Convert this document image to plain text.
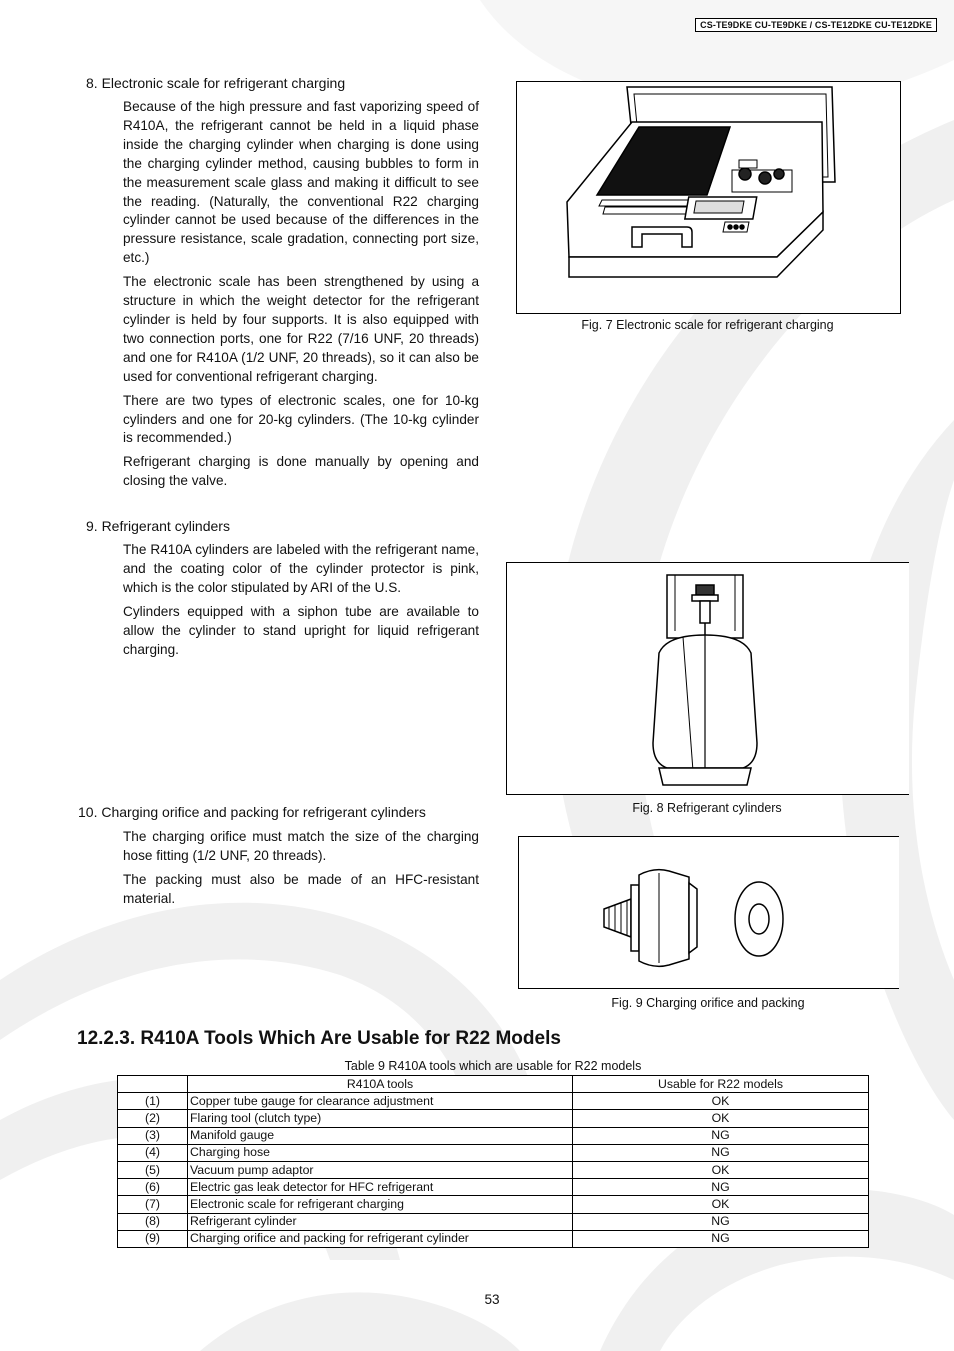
CS-TE9DKE CU-TE9DKE / CS-TE12DKE CU-TE12DKE
8. Electronic scale for refrigerant charging

Because of the high pressure and fast vaporizing speed of R410A, the refrigerant cannot be held in a liquid phase inside the charging cylinder when charging is done using the charging cylinder method, causing bubbles to form in the measurement scale glass and making it difficult to see the reading. (Naturally, the conventional R22 charging cylinder cannot be used because of the differences in the pressure resistance, scale gradation, connecting port size, etc.)

The electronic scale has been strengthened by using a structure in which the weight detector for the refrigerant cylinder is held by four supports. It is also equipped with two connection ports, one for R22 (7/16 UNF, 20 threads) and one for R410A (1/2 UNF, 20 threads), so it can also be used for conventional refrigerant charging.

There are two types of electronic scales, one for 10-kg cylinders and one for 20-kg cylinders. (The 10-kg cylinder is recommended.)

Refrigerant charging is done manually by opening and closing the valve.

Fig. 7 Electronic scale for refrigerant charging
9. Refrigerant cylinders

The R410A cylinders are labeled with the refrigerant name, and the coating color of the cylinder protector is pink, which is the color stipulated by ARI of the U.S.

Cylinders equipped with a siphon tube are available to allow the cylinder to stand upright for liquid refrigerant charging.

Fig. 8 Refrigerant cylinders
10. Charging orifice and packing for refrigerant cylinders

The charging orifice must match the size of the charging hose fitting (1/2 UNF, 20 threads).

The packing must also be made of an HFC-resistant material.

Fig. 9 Charging orifice and packing
12.2.3. R410A Tools Which Are Usable for R22 Models
Table 9 R410A tools which are usable for R22 models
	R410A tools	Usable for R22 models
(1)	Copper tube gauge for clearance adjustment	OK
(2)	Flaring tool (clutch type)	OK
(3)	Manifold gauge	NG
(4)	Charging hose	NG
(5)	Vacuum pump adaptor	OK
(6)	Electric gas leak detector for HFC refrigerant	NG
(7)	Electronic scale for refrigerant charging	OK
(8)	Refrigerant cylinder	NG
(9)	Charging orifice and packing for refrigerant cylinder	NG
53
